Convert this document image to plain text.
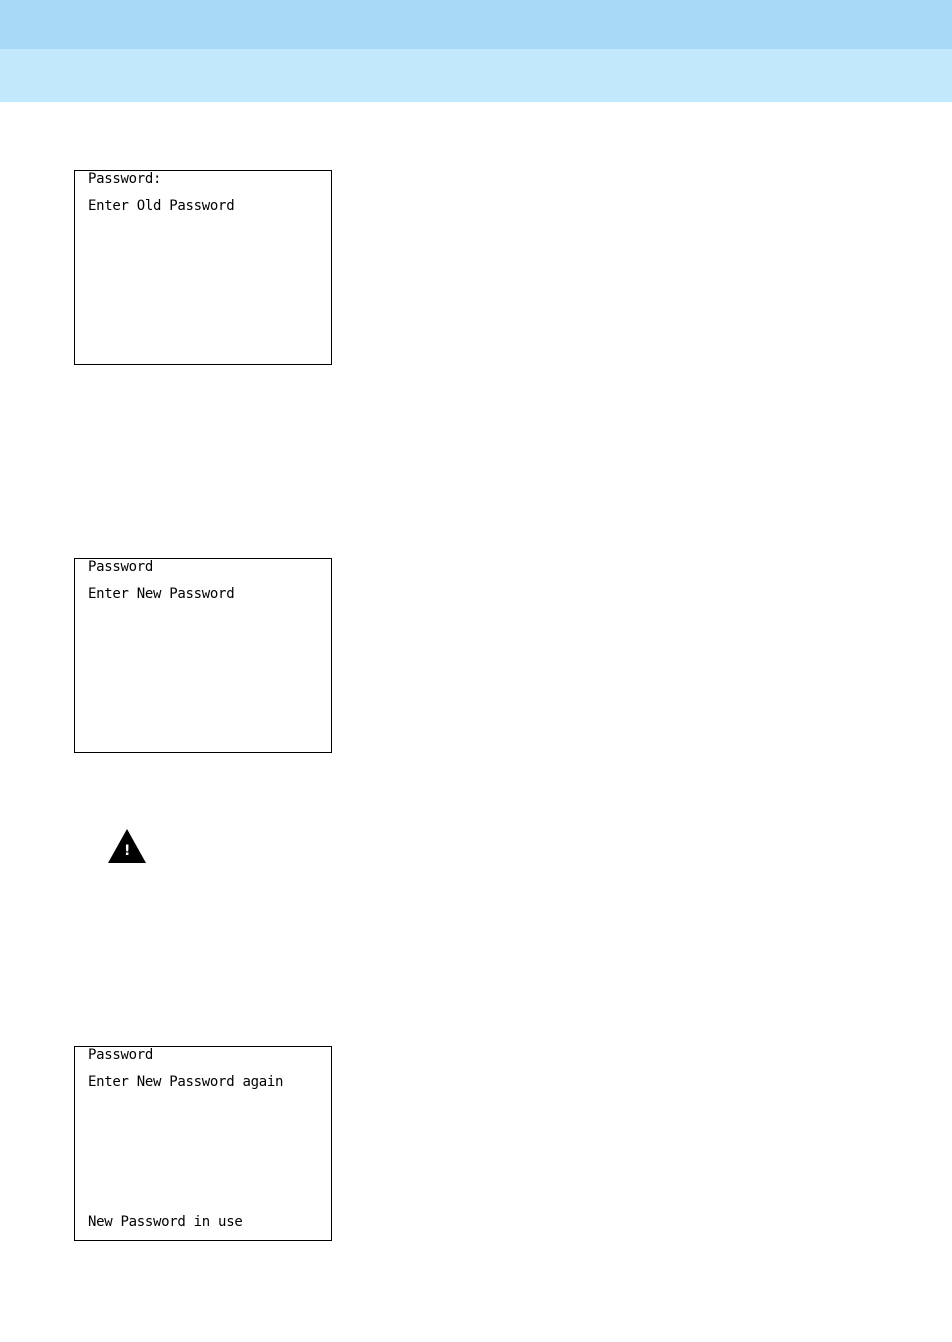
Password:
Enter Old Password
Password
Enter New Password
!
Password
Enter New Password again
New Password in use
